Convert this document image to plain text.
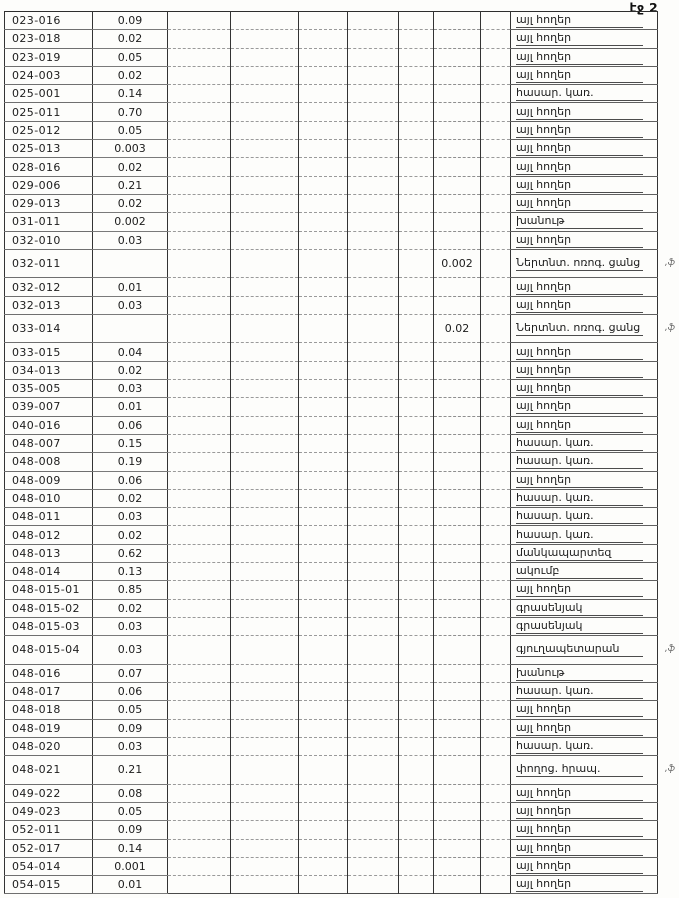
էջ 2
023-016	0.09								այլ հողեր
023-018	0.02								այլ հողեր
023-019	0.05								այլ հողեր
024-003	0.02								այլ հողեր
025-001	0.14								հասար. կառ.
025-011	0.70								այլ հողեր
025-012	0.05								այլ հողեր
025-013	0.003								այլ հողեր
028-016	0.02								այլ հողեր
029-006	0.21								այլ հողեր
029-013	0.02								այլ հողեր
031-011	0.002								խանութ
032-010	0.03								այլ հողեր
032-011							0.002		Ներտնտ. ոռոգ. ցանց ,ֆ

032-012	0.01								այլ հողեր
032-013	0.03								այլ հողեր
033-014							0.02		Ներտնտ. ոռոգ. ցանց ,ֆ

033-015	0.04								այլ հողեր
034-013	0.02								այլ հողեր
035-005	0.03								այլ հողեր
039-007	0.01								այլ հողեր
040-016	0.06								այլ հողեր
048-007	0.15								հասար. կառ.
048-008	0.19								հասար. կառ.
048-009	0.06								այլ հողեր
048-010	0.02								հասար. կառ.
048-011	0.03								հասար. կառ.
048-012	0.02								հասար. կառ.
048-013	0.62								մանկապարտեզ
048-014	0.13								ակումբ
048-015-01	0.85								այլ հողեր
048-015-02	0.02								գրասենյակ
048-015-03	0.03								գրասենյակ
048-015-04	0.03								գյուղապետարան ,ֆ

048-016	0.07								խանութ
048-017	0.06								հասար. կառ.
048-018	0.05								այլ հողեր
048-019	0.09								այլ հողեր
048-020	0.03								հասար. կառ.
048-021	0.21								փողոց. հրապ. ,ֆ

049-022	0.08								այլ հողեր
049-023	0.05								այլ հողեր
052-011	0.09								այլ հողեր
052-017	0.14								այլ հողեր
054-014	0.001								այլ հողեր
054-015	0.01								այլ հողեր
